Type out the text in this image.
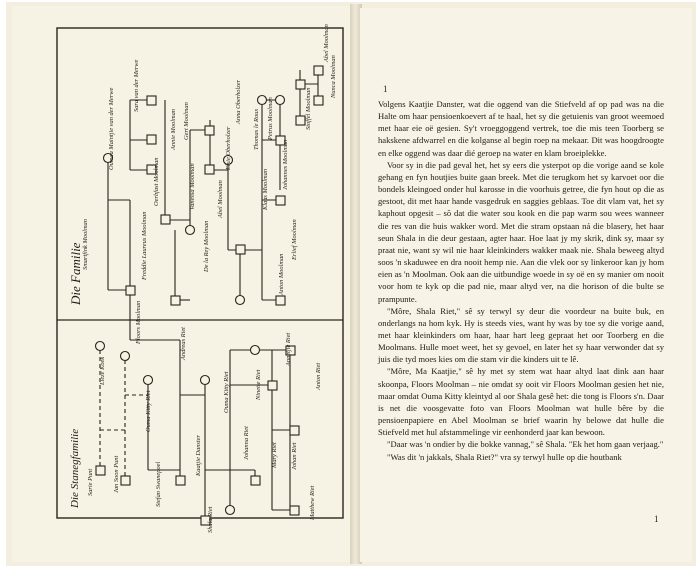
Die Familie
Die Stanegfamilie
Oumaa Maintjie van der Merwe
Smartfink Moolman	Freddie Laureus Moolman
Oerbfast Moolman
Sara van der Merwe
Annie Moolman Gert Moolman
Vanessa Moolman
De la Rey Moolman
Abel Moolman
Elsie Oberholzer
Anna Oberholzer
Thomas le Roux
Klaas Moolman
Petrus Moolman
Johannes Moolman
Anton Moolman
Erlief Moolman
Stoffel Moolman
Abel Moolman
Nunca Moolman
Sarie Punt
Lieze Koek
Jan Soon Punt
Floors Moolman
Ouma Kitty Riet
Stefan Swanepoel
Andreas Riet
Kaatjie Danster
Shala Riet
Ouma Kitty Riet
Johanna Riet
Ninette Riet
Mary Riet
Annetjie Riet
Johan Riet
Matthew Riet
Anton Riet
1

Volgens Kaatjie Danster, wat die oggend van die Stiefveld af op pad was na die Halte om haar pensioenkoevert af te haal, het sy die getuienis van groot weemoed met haar eie oë gesien. Sy't vroeggoggend vertrek, toe die mis teen Toorberg se hakskene afdwarrel en die kolganse al begin roep na mekaar. Dit was hoogdroogte en elke oggend was daar dié geroep na water en klam broeiplekke.

Voor sy in die pad geval het, het sy eers die ysterpot op die vorige aand se kole gehang en fyn houtjies buite gaan breek. Met die terugkom het sy karvoet oor die bondels kleingoed onder hul karosse in die voorhuis getree, die fyn hout op die as gestoot, dit met haar hande vasgedruk en saggies geblaas. Toe dit vlam vat, het sy kaphout opgesit – sõ dat die water sou kook en die pap warm sou wees wanneer die res van die huis wakker word. Met die stram opstaan ná die blasery, het haar seun Shala in die deur gestaan, agter haar. Hoe laat jy my skrik, dink sy, maar sy praat nie, want sy wil nie haar kleinkinders wakker maak nie. Shala beweeg altyd soos 'n skaduwee en dra nooit hemp nie. Aan die vlek oor sy linkeroor kan jy hom eien as 'n Moolman. Ook aan die uitbundige woede in sy oë en sy manier om nooit voor hom te kyk op die pad nie, maar altyd ver, na die horison of die bulte se prampunte.

"Môre, Shala Riet," sê sy terwyl sy deur die voordeur na buite buk, en onderlangs na hom kyk. Hy is steeds vies, want hy was by toe sy die vorige aand, met haar kleinkinders om haar, haar hart leeg gepraat het oor Toorberg en die Moolmans. Hulle moet weet, het sy gevoel, en later het sy haar verwonder dat sy juis die tyd moes kies om die stam vir die kinders uit te lê.

"Môre, Ma Kaatjie," sê hy met sy stem wat haar altyd laat dink aan haar skoonpa, Floors Moolman – nie omdat sy ooit vir Floors Moolman gesien het nie, maar omdat Ouma Kitty kleintyd al oor Shala gesê het: die tong is Floors s'n. Daar is net die voosgevatte foto van Floors Moolman wat hulle bêre by die pensioenpapiere en Abel Moolman se brief waarin hy belowe dat hulle die Stiefveld met hul afstammelinge vir eenhonderd jaar kan bewoon.

"Daar was 'n ondier by die bokke vannag," sê Shala. "Ek het hom gaan verjaag."

"Was dit 'n jakkals, Shala Riet?" vra sy terwyl hulle op die houtbank

1
